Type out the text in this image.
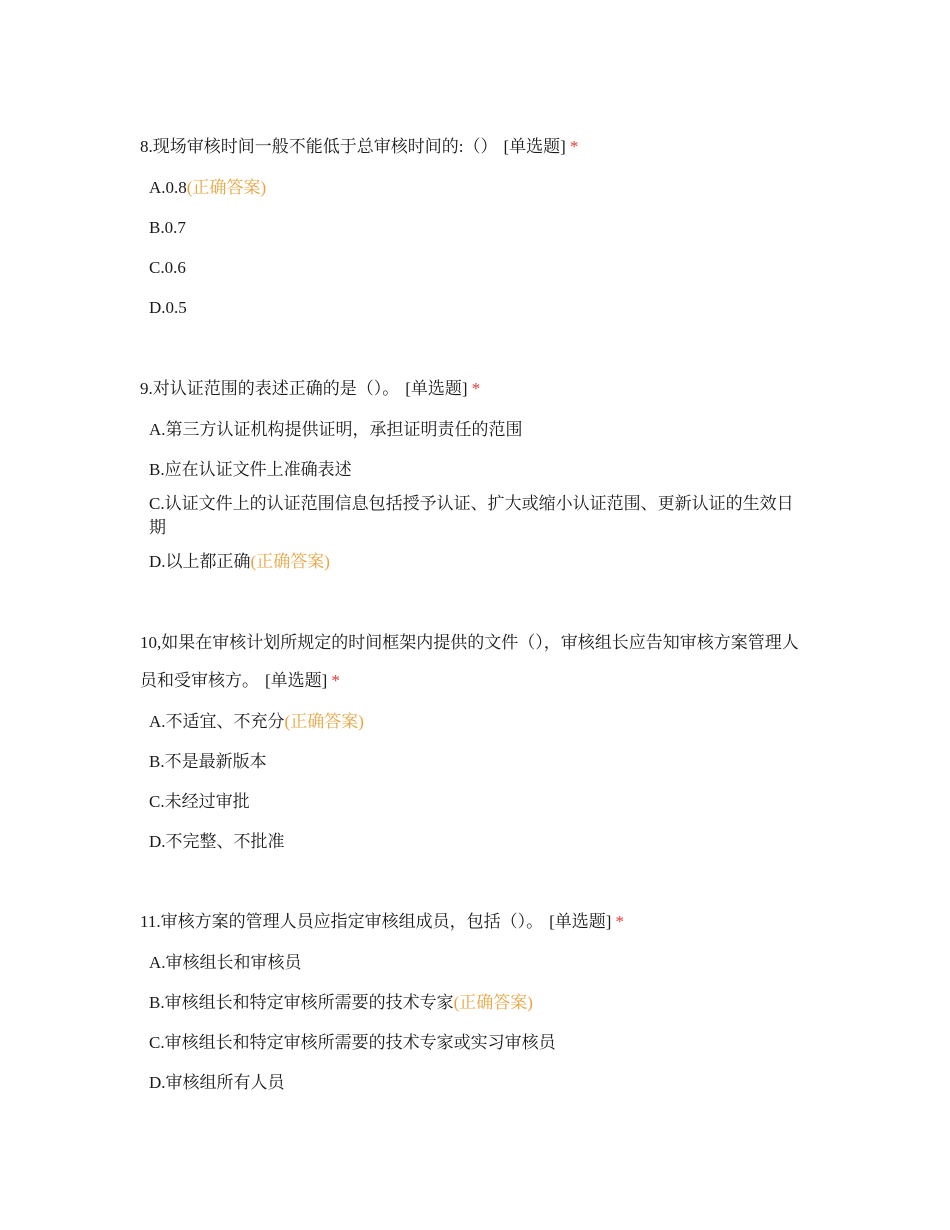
8.现场审核时间一般不能低于总审核时间的:（） [单选题] *

A.0.8(正确答案)
B.0.7
C.0.6
D.0.5

9.对认证范围的表述正确的是（）。 [单选题] *

A.第三方认证机构提供证明，承担证明责任的范围
B.应在认证文件上准确表述
C.认证文件上的认证范围信息包括授予认证、扩大或缩小认证范围、更新认证的生效日期
D.以上都正确(正确答案)

10,如果在审核计划所规定的时间框架内提供的文件（），审核组长应告知审核方案管理人员和受审核方。 [单选题] *

A.不适宜、不充分(正确答案)
B.不是最新版本
C.未经过审批
D.不完整、不批准

11.审核方案的管理人员应指定审核组成员，包括（）。 [单选题] *

A.审核组长和审核员
B.审核组长和特定审核所需要的技术专家(正确答案)
C.审核组长和特定审核所需要的技术专家或实习审核员
D.审核组所有人员
